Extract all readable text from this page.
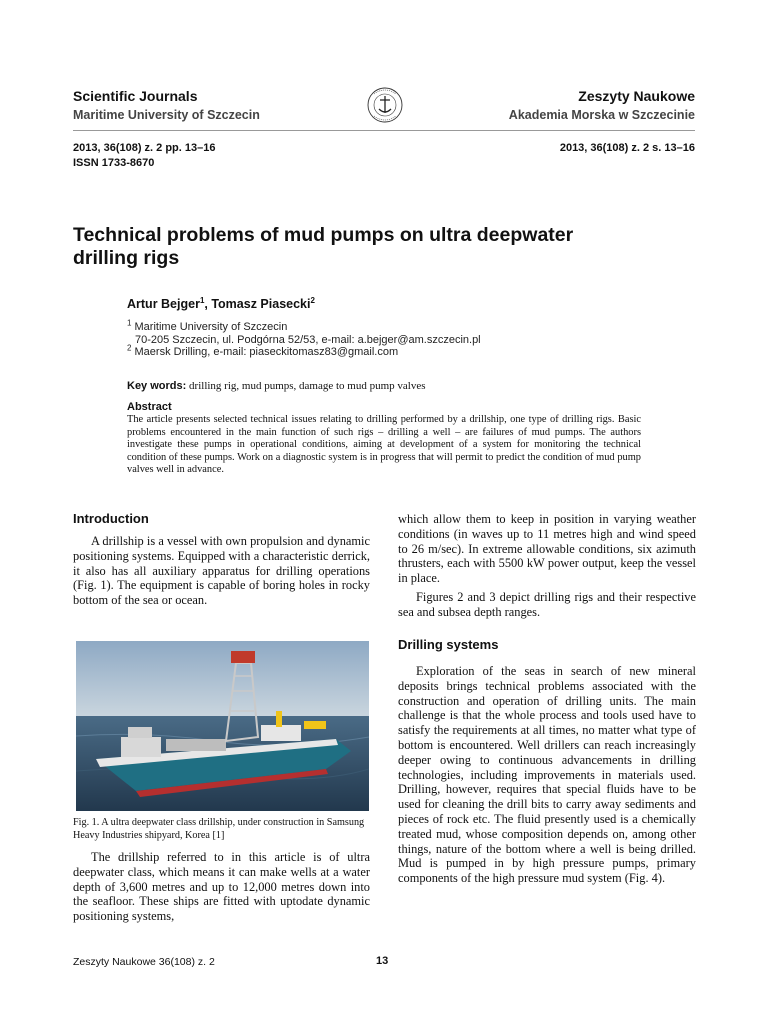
Scientific Journals
Maritime University of Szczecin
Zeszyty Naukowe
Akademia Morska w Szczecinie
2013, 36(108) z. 2 pp. 13–16
ISSN 1733-8670
2013, 36(108) z. 2 s. 13–16
Technical problems of mud pumps on ultra deepwater
drilling rigs
Artur Bejger$^1$, Tomasz Piasecki$^2$
$^1$ Maritime University of Szczecin
70-205 Szczecin, ul. Podgórna 52/53, e-mail: a.bejger@am.szczecin.pl
$^2$ Maersk Drilling, e-mail: piaseckitomasz83@gmail.com
Key words: drilling rig, mud pumps, damage to mud pump valves
Abstract
The article presents selected technical issues relating to drilling performed by a drillship, one type of drilling rigs. Basic problems encountered in the main function of such rigs – drilling a well – are failures of mud pumps. The authors investigate these pumps in operational conditions, aiming at development of a system for monitoring the technical condition of these pumps. Work on a diagnostic system is in progress that will permit to predict the condition of mud pump valves well in advance.
Introduction
A drillship is a vessel with own propulsion and dynamic positioning systems. Equipped with a characteristic derrick, it also has all auxiliary apparatus for drilling operations (Fig. 1). The equipment is capable of boring holes in rocky bottom of the sea or ocean.
Fig. 1. A ultra deepwater class drillship, under construction in Samsung Heavy Industries shipyard, Korea [1]
The drillship referred to in this article is of ultra deepwater class, which means it can make wells at a water depth of 3,600 metres and up to 12,000 metres down into the seafloor. These ships are fitted with uptodate dynamic positioning systems,
which allow them to keep in position in varying weather conditions (in waves up to 11 metres high and wind speed to 26 m/sec). In extreme allowable conditions, six azimuth thrusters, each with 5500 kW power output, keep the vessel in place.
Figures 2 and 3 depict drilling rigs and their respective sea and subsea depth ranges.
Drilling systems
Exploration of the seas in search of new mineral deposits brings technical problems associated with the construction and operation of drilling units. The main challenge is that the whole process and tools used have to satisfy the requirements at all times, no matter what type of bottom is encountered. Well drillers can reach increasingly deeper owing to continuous advancements in drilling technologies, including improvements in materials used. Drilling, however, requires that special fluids have to be used for cleaning the drill bits to carry away sediments and pieces of rock etc. The fluid presently used is a chemically treated mud, whose composition depends on, among other things, nature of the bottom where a well is being drilled. Mud is pumped in by high pressure pumps, primary components of the high pressure mud system (Fig. 4).
Zeszyty Naukowe 36(108) z. 2	13
